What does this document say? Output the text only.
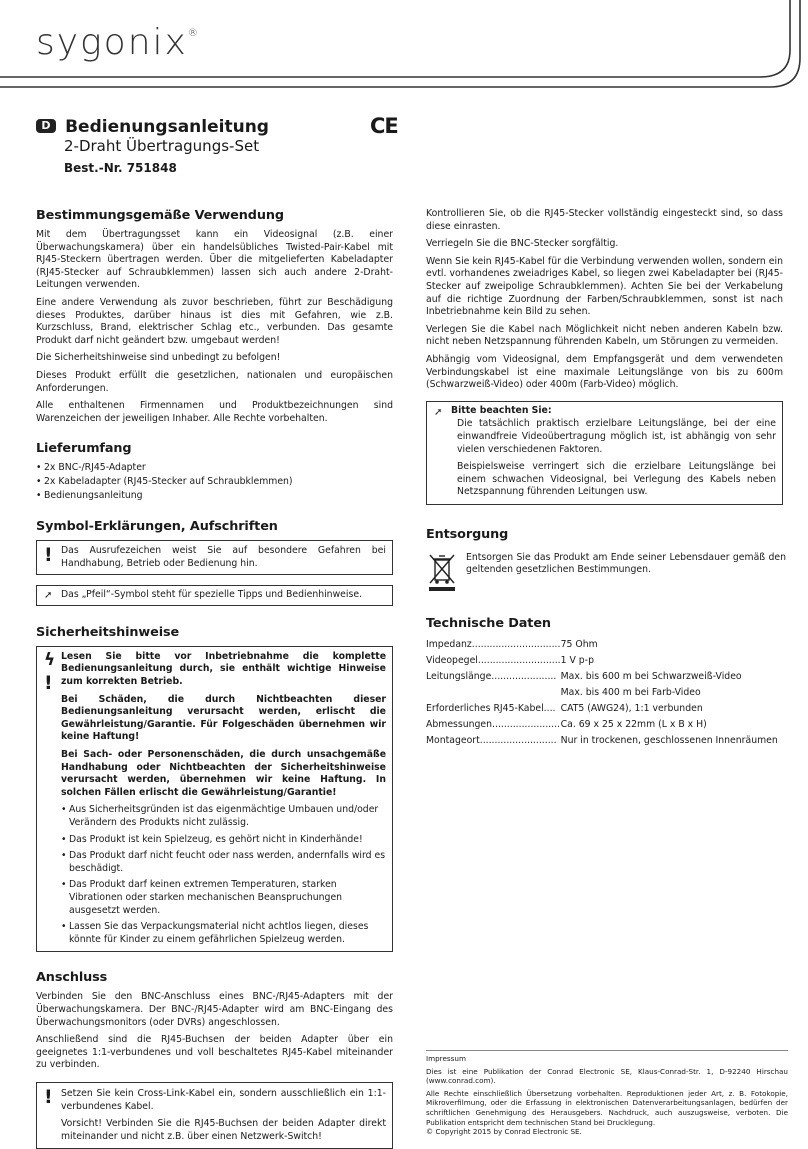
sygonix®
D Bedienungsanleitung
2-Draht Übertragungs-Set
Best.-Nr. 751848
CE
Bestimmungsgemäße Verwendung

Mit dem Übertragungsset kann ein Videosignal (z.B. einer Überwachungskamera) über ein handelsübliches Twisted-Pair-Kabel mit RJ45-Steckern übertragen werden. Über die mitgelieferten Kabeladapter (RJ45-Stecker auf Schraubklemmen) lassen sich auch andere 2-Draht-Leitungen verwenden.

Eine andere Verwendung als zuvor beschrieben, führt zur Beschädigung dieses Produktes, darüber hinaus ist dies mit Gefahren, wie z.B. Kurzschluss, Brand, elektrischer Schlag etc., verbunden. Das gesamte Produkt darf nicht geändert bzw. umgebaut werden!

Die Sicherheitshinweise sind unbedingt zu befolgen!

Dieses Produkt erfüllt die gesetzlichen, nationalen und europäischen Anforderungen.

Alle enthaltenen Firmennamen und Produktbezeichnungen sind Warenzeichen der jeweiligen Inhaber. Alle Rechte vorbehalten.

Lieferumfang
• 2x BNC-/RJ45-Adapter
• 2x Kabeladapter (RJ45-Stecker auf Schraubklemmen)
• Bedienungsanleitung
Symbol-Erklärungen, Aufschriften
! Das Ausrufezeichen weist Sie auf besondere Gefahren bei Handhabung, Betrieb oder Bedienung hin.

➚ Das „Pfeil“-Symbol steht für spezielle Tipps und Bedienhinweise.

Sicherheitshinweise
ϟ
!

Lesen Sie bitte vor Inbetriebnahme die komplette Bedienungsanleitung durch, sie enthält wichtige Hinweise zum korrekten Betrieb.

Bei Schäden, die durch Nichtbeachten dieser Bedienungsanleitung verursacht werden, erlischt die Gewährleistung/Garantie. Für Folgeschäden übernehmen wir keine Haftung!

Bei Sach- oder Personenschäden, die durch unsachgemäße Handhabung oder Nichtbeachten der Sicherheitshinweise verursacht werden, übernehmen wir keine Haftung. In solchen Fällen erlischt die Gewährleistung/Garantie!

• Aus Sicherheitsgründen ist das eigenmächtige Umbauen und/oder Verändern des Produkts nicht zulässig.
• Das Produkt ist kein Spielzeug, es gehört nicht in Kinderhände!
• Das Produkt darf nicht feucht oder nass werden, andernfalls wird es beschädigt.
• Das Produkt darf keinen extremen Temperaturen, starken Vibrationen oder starken mechanischen Beanspruchungen ausgesetzt werden.
• Lassen Sie das Verpackungsmaterial nicht achtlos liegen, dieses könnte für Kinder zu einem gefährlichen Spielzeug werden.
Anschluss

Verbinden Sie den BNC-Anschluss eines BNC-/RJ45-Adapters mit der Überwachungskamera. Der BNC-/RJ45-Adapter wird am BNC-Eingang des Überwachungsmonitors (oder DVRs) angeschlossen.

Anschließend sind die RJ45-Buchsen der beiden Adapter über ein geeignetes 1:1-verbundenes und voll beschaltetes RJ45-Kabel miteinander zu verbinden.

! Setzen Sie kein Cross-Link-Kabel ein, sondern ausschließlich ein 1:1-verbundenes Kabel.

Vorsicht! Verbinden Sie die RJ45-Buchsen der beiden Adapter direkt miteinander und nicht z.B. über einen Netzwerk-Switch!

Kontrollieren Sie, ob die RJ45-Stecker vollständig eingesteckt sind, so dass diese einrasten.

Verriegeln Sie die BNC-Stecker sorgfältig.

Wenn Sie kein RJ45-Kabel für die Verbindung verwenden wollen, sondern ein evtl. vorhandenes zweiadriges Kabel, so liegen zwei Kabeladapter bei (RJ45-Stecker auf zweipolige Schraubklemmen). Achten Sie bei der Verkabelung auf die richtige Zuordnung der Farben/Schraubklemmen, sonst ist nach Inbetriebnahme kein Bild zu sehen.

Verlegen Sie die Kabel nach Möglichkeit nicht neben anderen Kabeln bzw. nicht neben Netzspannung führenden Kabeln, um Störungen zu vermeiden.

Abhängig vom Videosignal, dem Empfangsgerät und dem verwendeten Verbindungskabel ist eine maximale Leitungslänge von bis zu 600m (Schwarzweiß-Video) oder 400m (Farb-Video) möglich.

➚ Bitte beachten Sie:

Die tatsächlich praktisch erzielbare Leitungslänge, bei der eine einwandfreie Videoübertragung möglich ist, ist abhängig von sehr vielen verschiedenen Faktoren.

Beispielsweise verringert sich die erzielbare Leitungslänge bei einem schwachen Videosignal, bei Verlegung des Kabels neben Netzspannung führenden Leitungen usw.

Entsorgung

Entsorgen Sie das Produkt am Ende seiner Lebensdauer gemäß den geltenden gesetzlichen Bestimmungen.

Technische Daten
Impedanz..............................	75 Ohm
Videopegel............................	1 V p-p
Leitungslänge......................	Max. bis 600 m bei Schwarzweiß-Video
	Max. bis 400 m bei Farb-Video
Erforderliches RJ45-Kabel....	CAT5 (AWG24), 1:1 verbunden
Abmessungen.......................	Ca. 69 x 25 x 22mm (L x B x H)
Montageort..........................	Nur in trockenen, geschlossenen Innenräumen
Impressum
Dies ist eine Publikation der Conrad Electronic SE, Klaus-Conrad-Str. 1, D-92240 Hirschau (www.conrad.com).
Alle Rechte einschließlich Übersetzung vorbehalten. Reproduktionen jeder Art, z. B. Fotokopie, Mikroverfilmung, oder die Erfassung in elektronischen Datenverarbeitungsanlagen, bedürfen der schriftlichen Genehmigung des Herausgebers. Nachdruck, auch auszugsweise, verboten. Die Publikation entspricht dem technischen Stand bei Drucklegung.
© Copyright 2015 by Conrad Electronic SE.
